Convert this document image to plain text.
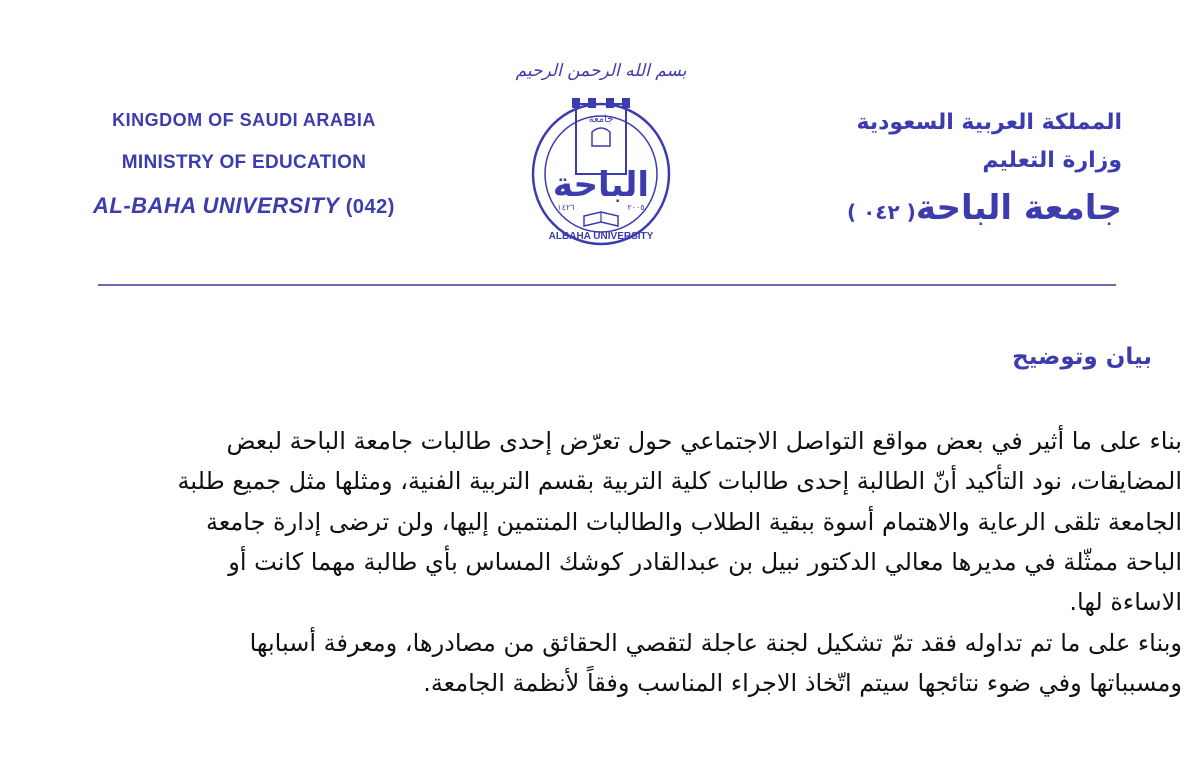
KINGDOM OF SAUDI ARABIA
MINISTRY OF EDUCATION
AL-BAHA UNIVERSITY (042)
المملكة العربية السعودية
وزارة التعليم
جامعة الباحة( ٠٤٢ )
بسم الله الرحمن الرحيم
جامعة
الباحة
١٤٢٦	٢٠٠٥
ALBAHA UNIVERSITY
بيان وتوضيح
بناء على ما أثير في بعض مواقع التواصل الاجتماعي حول تعرّض إحدى طالبات جامعة الباحة لبعض
المضايقات، نود التأكيد أنّ الطالبة إحدى طالبات كلية التربية بقسم التربية الفنية، ومثلها مثل جميع طلبة
الجامعة تلقى الرعاية والاهتمام أسوة ببقية الطلاب والطالبات المنتمين إليها، ولن ترضى إدارة جامعة
الباحة ممثّلة في مديرها معالي الدكتور نبيل بن عبدالقادر كوشك المساس بأي طالبة مهما كانت أو
الاساءة لها.
وبناء على ما تم تداوله فقد تمّ تشكيل لجنة عاجلة لتقصي الحقائق من مصادرها، ومعرفة أسبابها
ومسبباتها وفي ضوء نتائجها سيتم اتّخاذ الاجراء المناسب وفقاً لأنظمة الجامعة.
